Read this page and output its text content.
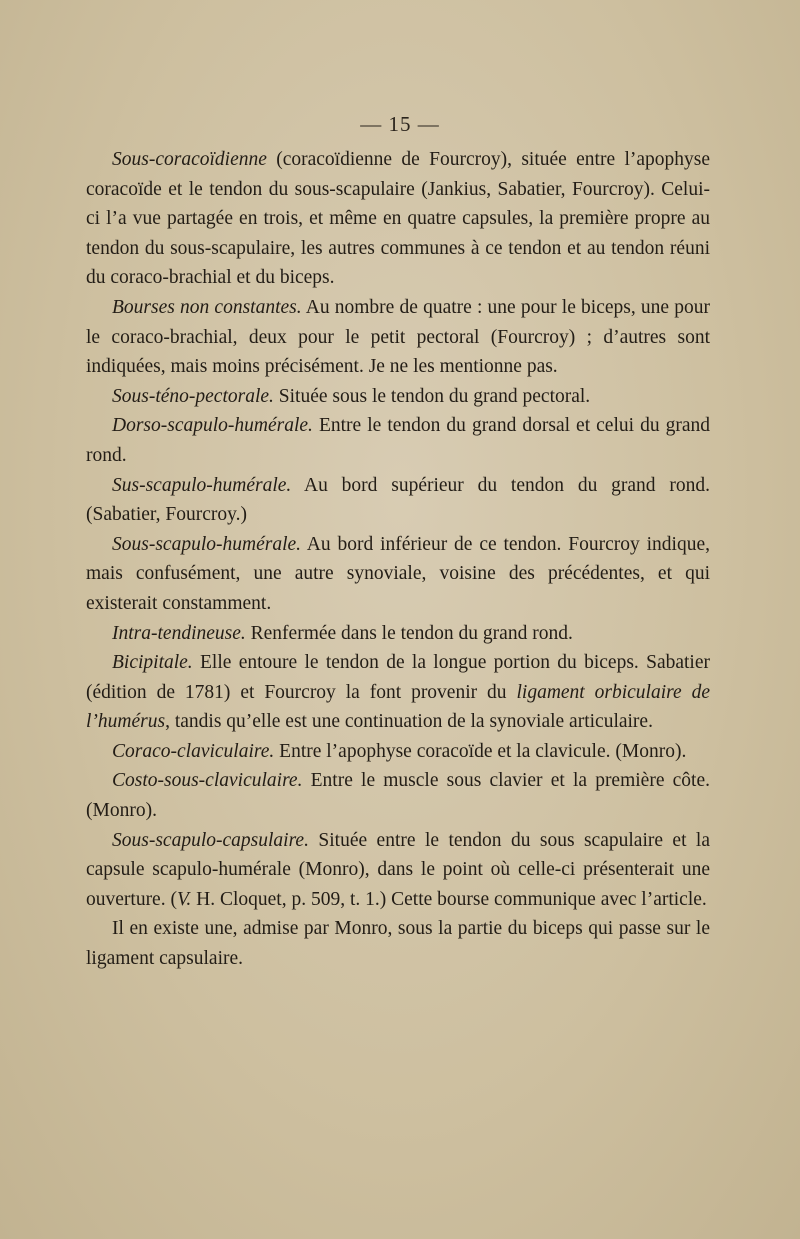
— 15 —

Sous-coracoïdienne (coracoïdienne de Fourcroy), située entre l’apophyse coracoïde et le tendon du sous-scapulaire (Jankius, Sabatier, Fourcroy). Celui-ci l’a vue partagée en trois, et même en quatre capsules, la première propre au tendon du sous-scapulaire, les autres communes à ce tendon et au tendon réuni du coraco-brachial et du biceps.

Bourses non constantes. Au nombre de quatre : une pour le biceps, une pour le coraco-brachial, deux pour le petit pectoral (Fourcroy) ; d’autres sont indiquées, mais moins précisément. Je ne les mentionne pas.

Sous-téno-pectorale. Située sous le tendon du grand pectoral.

Dorso-scapulo-humérale. Entre le tendon du grand dorsal et celui du grand rond.

Sus-scapulo-humérale. Au bord supérieur du tendon du grand rond. (Sabatier, Fourcroy.)

Sous-scapulo-humérale. Au bord inférieur de ce tendon. Fourcroy indique, mais confusément, une autre synoviale, voisine des précédentes, et qui existerait constamment.

Intra-tendineuse. Renfermée dans le tendon du grand rond.

Bicipitale. Elle entoure le tendon de la longue portion du biceps. Sabatier (édition de 1781) et Fourcroy la font provenir du ligament orbiculaire de l’humérus, tandis qu’elle est une continuation de la synoviale articulaire.

Coraco-claviculaire. Entre l’apophyse coracoïde et la clavicule. (Monro).

Costo-sous-claviculaire. Entre le muscle sous clavier et la première côte. (Monro).

Sous-scapulo-capsulaire. Située entre le tendon du sous scapulaire et la capsule scapulo-humérale (Monro), dans le point où celle-ci présenterait une ouverture. (V. H. Cloquet, p. 509, t. 1.) Cette bourse communique avec l’article.

Il en existe une, admise par Monro, sous la partie du biceps qui passe sur le ligament capsulaire.
